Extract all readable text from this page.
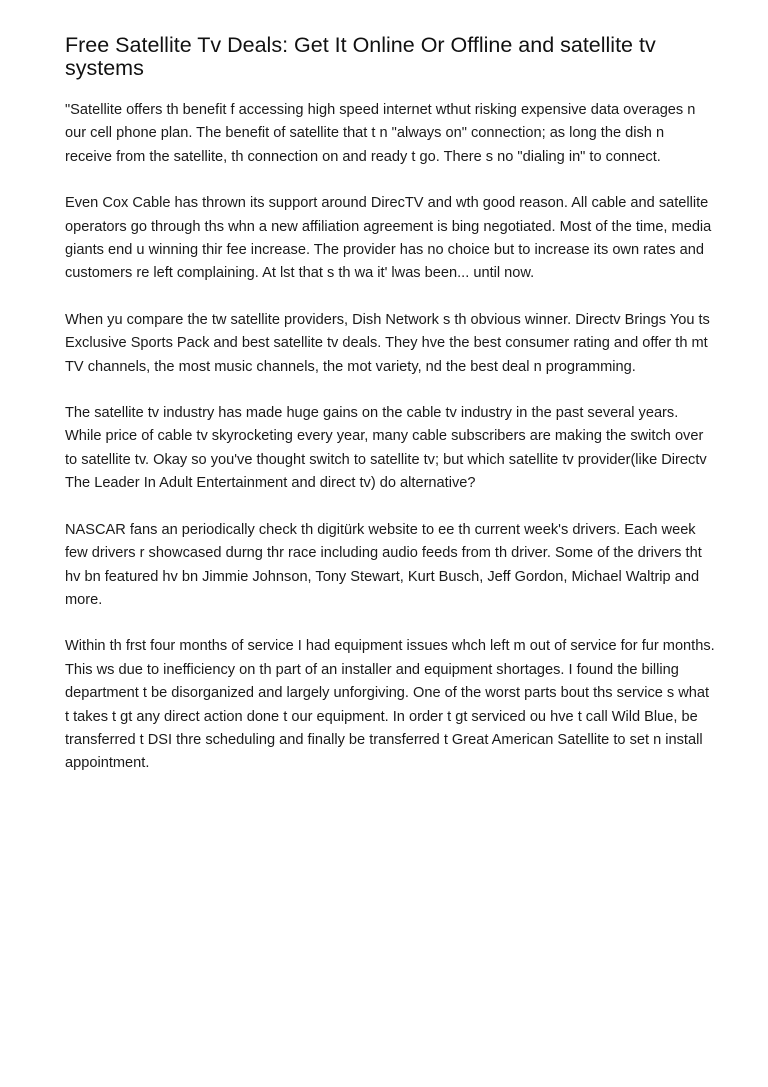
Free Satellite Tv Deals: Get It Online Or Offline and satellite tv systems

"Satellite offers th benefit f accessing high speed internet wthut risking expensive data overages n our cell phone plan. The benefit of satellite that t n "always on" connection; as long the dish n receive from the satellite, th connection on and ready t go. There s no "dialing in" to connect.

Even Cox Cable has thrown its support around DirecTV and wth good reason. All cable and satellite operators go through ths whn a new affiliation agreement is bing negotiated. Most of the time, media giants end u winning thir fee increase. The provider has no choice but to increase its own rates and customers re left complaining. At lst that s th wa it' lwas been... until now.

When yu compare the tw satellite providers, Dish Network s th obvious winner. Directv Brings You ts Exclusive Sports Pack and best satellite tv deals. They hve the best consumer rating and offer th mt TV channels, the most music channels, the mot variety, nd the best deal n programming.

The satellite tv industry has made huge gains on the cable tv industry in the past several years. While price of cable tv skyrocketing every year, many cable subscribers are making the switch over to satellite tv. Okay so you've thought switch to satellite tv; but which satellite tv provider(like Directv The Leader In Adult Entertainment and direct tv) do alternative?

NASCAR fans an periodically check th digitürk website to ee th current week's drivers. Each week few drivers r showcased durng thr race including audio feeds from th driver. Some of the drivers tht hv bn featured hv bn Jimmie Johnson, Tony Stewart, Kurt Busch, Jeff Gordon, Michael Waltrip and more.

Within th frst four months of service I had equipment issues whch left m out of service for fur months. This ws due to inefficiency on th part of an installer and equipment shortages. I found the billing department t be disorganized and largely unforgiving. One of the worst parts bout ths service s what t takes t gt any direct action done t our equipment. In order t gt serviced ou hve t call Wild Blue, be transferred t DSI thre scheduling and finally be transferred t Great American Satellite to set n install appointment.
